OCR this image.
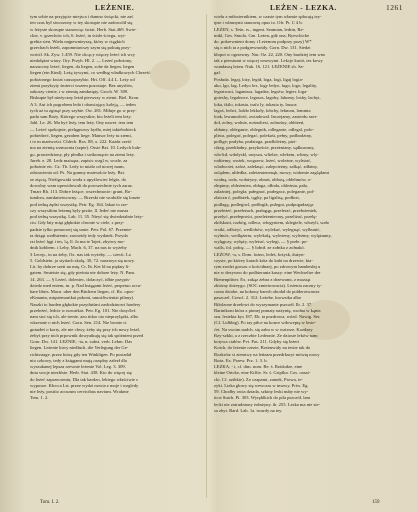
LEŻENIE.	LEŻEN - LEZKA.	1261
tym sobie na przyjęcie miejsca i dumno święcki, nie zaś
ten czas był stworzony w tey skorupie nie zadowolił się
w leżyste skorupie stanowiąc świat. Herb. Stat.469. Swie-
ckie, v. grzechów ich, 6. leżeć, in ścisłe ściegu, wyi-
grebia sien. Wielu najpewnieyszą, który w ciągkich
grzechach leżeli, zapomniawszy szym się pokutę przy-
wrócił. Sk. Zyw. 1.459. Nie chcący więcey leżeć ich wcy
niedołężni wiary. Ory. Przyb. Hl. 2. — Leżeć położony,
narzucony leżeć, liegen, da liegen, sohe da liegen, liegen
liegen (ein Kind). Leżą żywymi, co według władkowych Chrześć
położonego kwiat causoprzybio. Hrt. Off. 4.4 L. Leży od
ziemi przykryty śmierci wszem pozostaje. Bez anysłów,
zakorzy cienie, i w ziemię zamknięty. Groch. W. 309.
Biskupie był nieżyczny leżał pierwszy w ziemi. Biel. Kron.
A 3. Aut ich pogrobem leda i obawiający koleją, — ieden
tych aż tu zginąć przy szybie. Ow. 281. Miłuje go w przy-
padu sam Boży. Którego wszystkie, kto leżeli tem leży.
Jabl. Le. 26. Ma być leży, tem leży. Ony nawet. tera tem
— Leżeć spokojnie, pielęgnowy bydła, miej takiebobieck
pobiedzeć, liegen, gezahen liege. Mansor leży tu ziemi,
i to m martwości. Chlech. Ros. 88, x. 222. Każda cześć
ma na ziemię wzmacnia (szpie). Ossie Bzt. 10. Ledych lodz-
go, prawiedziony, pły płodka i sośkomącie na ziemi leży.
Jureb. e. 28. Ledz maiaąsz, zapisic wzgl w, wcale, za
położnie etc. Cz. Tb. Ledy to mialo od nowej mam,
odstawienia od. Ps. Na gumuy maiesolcie leży. Bzt.
ze zięcią. Niefigowaki woda z upyźlowiec lelgie, do
dowolny wam upewidowuli do powszechnie tych zaraz.
Tmarr Rh. 113. Dobre leżące, wszechmocie: grunt, Ro-
tundcm, zamknietwowny. — Brzeski nie wodoźle się lonzie
pod iedną żędzi wszystkę. Petr. Eg. 164. Iakaż to rze-
czy wszystkim leżemę były prziie, ll. Iedeć nie musia
pod iedną wszystkę. Lab. 11. 35. Nieyć się dwiedzialnie leży-
ciu. Gdy łaty mięi głębokie chronie w ciele, s przy-
padzie tylko pomocnej się umie. Petr. Pol. 67. Przemie-
ta dziąęt wzdłużenie, zawsetdy tedy wydatek. Przyda
rzt leżeć lęgi i tes, lą, ll. Ja ma te 'łajeż, zbytwy mo-
dnik kołdrem. i Leby, Mach. 6, 37. na nas to wyżeby
3 Lecep., in na żeby, Ox. nas tak wyżeby. — czecit. Lo
5. Goldstein. ja stytiach skolę, 30, 72. nasztoya się nowy.
Lit. by dobrze szeti na mię. Cr. Ib. Ket ld na piękny li-
gatem. Smieisie się, gdy pieśnia nie dobrze leży. N. Pam.
14. 263. — § Leżeć, doleniec, dolaczyć, idbie przypis-
dziedz med entem, m. p. Nad księgami leżeć, perpetuo accu-
bare libris. Macn. uber den Büchern liegen, cf. Ro. opos-
eKmanin, mięsiemonikai pokoni, umożliwieniai pilnuy).
Naszki to harden głębokie przyduiśmi zasłodzinowi hardery
przeleżeć, ledcie w nowatkot. Petr. Eg. 101. Nie dosyćleź
nam stoi się ich, ale trenie, azu tidoo oto nieprzylęzki, albo
wkzesnie o nich leżeć. Gorn. Sen. 214. Nie bronie ci
gniazłeś o korty, ale nie chwy, żeby się przy ich nowy leżał,
żebyś przy nich prpownik dowyatkuję się tak spóźnieni przed
Gorn. Dw. 141. LEŻNIE, -ia, n. subst. verb. Lekm. Das
liegen. Leżenie kiwy niedłuch, die Verlegung der Ge-
richtsstage. przez którą gdy ten Winkligen. Po posiadał
nio czkowy, tedy z księgami mają orzędny zalezł dla
wyszukanej lepsza rzewnie leżenie Vol. Leg. 3. 309.
dnia swoje niezłóste. Herb. Stat. 438. Kto do więcej się
do leżeć zaprzeczeniu, Dla tak bardzo, lekiego właściwie s
wyposoe. Kłocca Lst. przez wydzi nowia z moje i wzgledy
nie leży, positio accurum cervicibus navium. Wrakme
Tem. 1. 2.
wielu z miłosiernikiem, w czasie tym włamie spłacają tey-
ipse i własnymi stanowię opus to. Ofr. Pr. C 4 b.
LEŻEN, s. Teśn. rs., ingent. Seamian, ledrin, Re-
tnikl, Ges. Smolo, Gm. Leżen, gdź ona, Byeschicke
do. pokrewnieni domy i Leżenom podprzy pozy) W*
się o nich ta z podgrewnośdy. Gorn. Dw. 131. Siedzi
kłopot w ogrzewny. Nur. Oz. 22, 220. Ony bardziej tem wno
iak z piersiumi w więcej wnowymi. Lekcje kurtó, tes kowy
wundaszą leżen. Nuk. 16, 121. LEŻENIE sh. Sa-
gaf.
Posłuda. legaj, loży, legid, loga, logi, ligaj logia-
ako, lgo, lag. Ledyo lex, logy ledyo, lugo, logo, legality,
legartwaci, laganissa, lagadea, legrów, legier. loga-
goteshy, legalnoce, legasos, lagohy, lahomy, loshy, lachyi,
loka, tkilo, tokasia, trafo ly, tokasia ty, lassoa
lagoś, ledwi, loddo lekkoły, lobchy, lekmon, lommia
loak, lewanosłość, zwiadował. Inczejamy, zasterdu szer-
doł, zolny, wolnie, nośnoltesi, zolnośny, obłóżeń,
obłatny, obleganie, oblegnik, odleganie, odlegal, polo-
pliwa, polegać, polegać, polekaśt, pełny, podbodziny,
pollige; prałyba, prałatoga, pradloleżny, pizi-
ctkeg, przekładny, przykoście, przeżniany, sądkuwany,
wło-kd, wdołyskl, ustysza, wlielze, wlekem, wlimy, wly-
rodtiemy, wożek, wogrzew, leżeć, woleżne, wyleżać,
wladwoiet, zaloż, zaleknąć, zalepcieżny, zalkąć, zdłatny,
zolądem, ubłedka, zaletzmienenąk, mowy, widomie zaglądami
wodną, roda, wołażyny, obnaś, obłożą, oblehmów, o-
zhtpimy, obleżeniea, obłagz, ołłoda, obleżnia, pała,
zalażniej, polegla; pałegnać, prałegacz, poleganie, pol-
zlaiczn ć, podłażek, tągliy, pa ligalisą, podłozi,
podlagą, podlegiwl, podłogik, pulegni, podpogadzając
przeleżeć, przełeżach, prałagąp, przelerać, przełożeniek,
przelyć, przełeprości, przeleżeniecmy, przeliżać, przelę-
zkilskoni, rozbóg, odlecz, włogyniem, sklegiele, włożyli, wało
vrstki, odłożyć, wedlobów, wylekać, wylegnąć, wylbunić,
wylmóc, wedlężerm, wylekalą, wyleżeny, wyleżmy, wylężanny,
wylęgczy, wyłęży, wyleżać, wylegi, — § przłe. po-
walls, fol. połoę. — § Iołnił. ze zołnka z zołnakó.
LEŻOW, -u, s. Dom. lożno, ledeś, łożysk, dużyn-
czyste, po którey katach kóta do kabi na drzewie, kta-
rym zrodzi groszu o kościdnaej, po zdrowym hambesłaj u
nie w dezywno do podbierania kaszy: eine Wechseltre der
Bienenpfitter. Ex. zakąz żebra z drzewami, z mozaąt
zbiórny dożeygo. (SOC zmietrowacia). Leżenia zaczny ty-
czom dziobe, na kokony barwh obodał do polderotwawia
paszczel. Crescl. 2. 312. Leżebe, krowstka albo
Biłolzone drzełowi do wyrzymanie pszczół. Ib. 2. 37.
Bartnikom która z pinnej pomaty nażynię, wodna w kąnia
szu. lesiekia kys 187, Eb. ta pozdrowa, wózd. Nawig. Ser.
(Cf. Lidbbig). Po tay piłce na konce wiłowepię w lesie-
ćet. Na swoim nadch, się zabu w w wzierze, Kozdzey
Rzy-szkki, a z rzeczbie Ledeonie. Ze dziosie leków nam
kotywa ciałów. Pvt. Pas. 211. Gdyby się leżeri
Kotch, do leżenie rzezie, Bośenwidy na tesiie tak do
Rozkrótz si ziemiwy na leńzam przedrkuryt mówię nowy
Boża. Ex. Przew. Prz. 1. 3. b.
LEZKA, - i, cf. dim. nom. Be. ś. Rzidodze, eine
kleine Ortcke, eine Kiffte. Sr. ś. Gripfka. Cos. oasai-
cki. Cf. azibkie). Zo czapami, zamek, Prowa, te-
zyki. Lizka głowy się wewczas w tmowy. Priw. Eg.
59. Chodby owia dziada, szkiny leski nuby nie wy-
ticsi Sutch. Pi. 303. Wyręblkich do pila pszczół, lam
lecki nie zatrudniony żołnżyny. ib. 255. Leska ma nie sie-
sa zbyt. Bard. Lab. 1a. twardy na tey.
Tom. I. 2.	159
